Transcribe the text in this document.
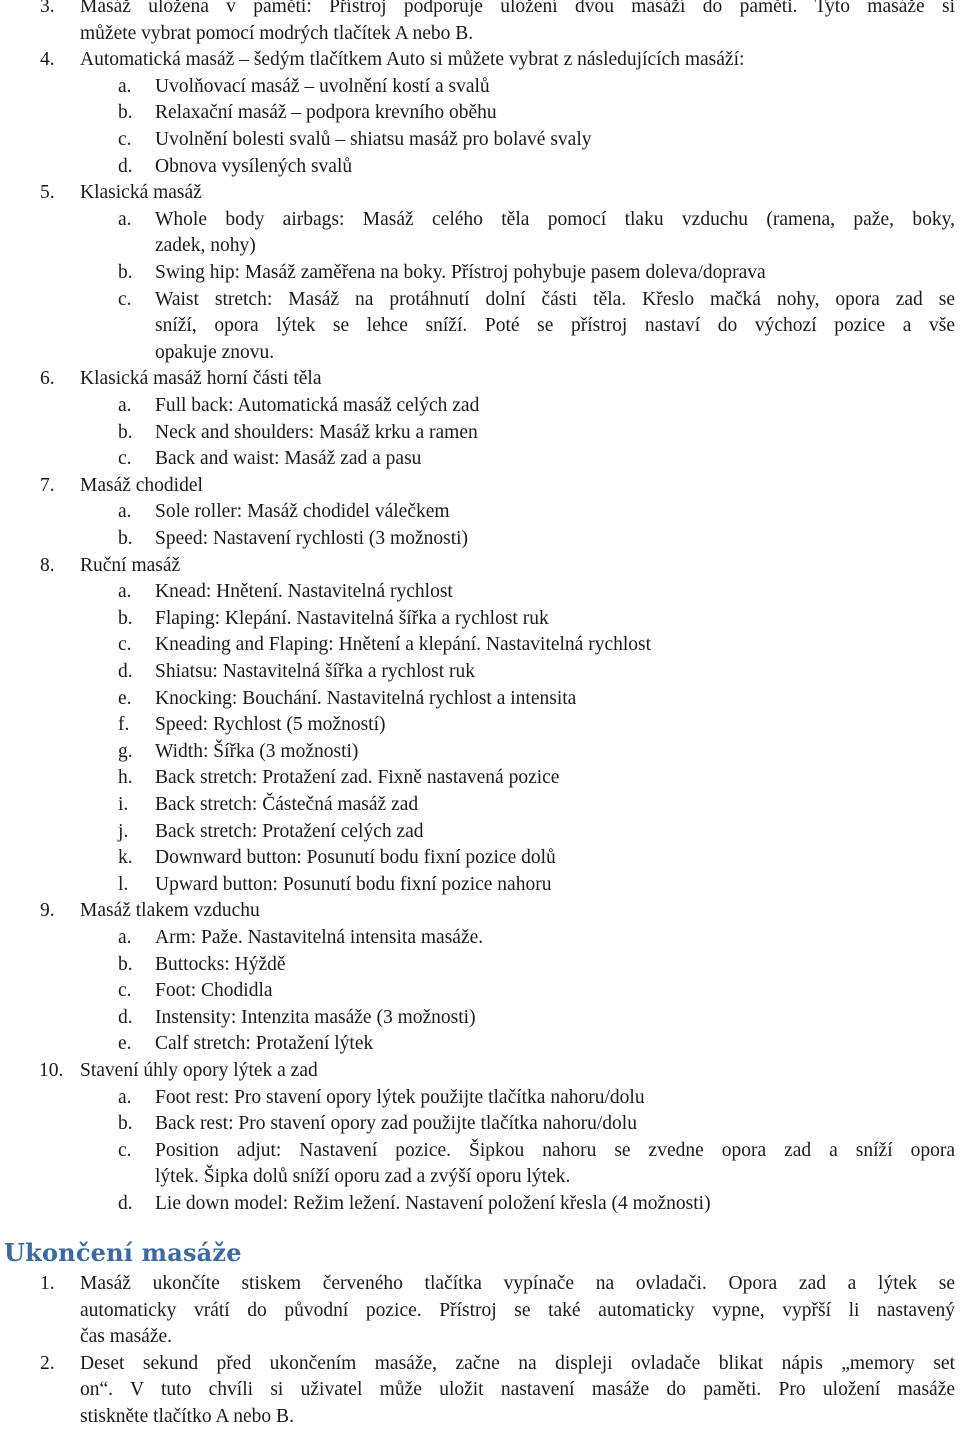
3. Masáž uložena v paměti: Přístroj podporuje uložení dvou masáží do paměti. Tyto masáže si
můžete vybrat pomocí modrých tlačítek A nebo B.
4. Automatická masáž – šedým tlačítkem Auto si můžete vybrat z následujících masáží:
a. Uvolňovací masáž – uvolnění kostí a svalů
b. Relaxační masáž – podpora krevního oběhu
c. Uvolnění bolesti svalů – shiatsu masáž pro bolavé svaly
d. Obnova vysílených svalů
5. Klasická masáž
a. Whole body airbags: Masáž celého těla pomocí tlaku vzduchu (ramena, paže, boky,
zadek, nohy)
b. Swing hip: Masáž zaměřena na boky. Přístroj pohybuje pasem doleva/doprava
c. Waist stretch: Masáž na protáhnutí dolní části těla. Křeslo mačká nohy, opora zad se
sníží, opora lýtek se lehce sníží. Poté se přístroj nastaví do výchozí pozice a vše
opakuje znovu.
6. Klasická masáž horní části těla
a. Full back: Automatická masáž celých zad
b. Neck and shoulders: Masáž krku a ramen
c. Back and waist: Masáž zad a pasu
7. Masáž chodidel
a. Sole roller: Masáž chodidel válečkem
b. Speed: Nastavení rychlosti (3 možnosti)
8. Ruční masáž
a. Knead: Hnětení. Nastavitelná rychlost
b. Flaping: Klepání. Nastavitelná šířka a rychlost ruk
c. Kneading and Flaping: Hnětení a klepání. Nastavitelná rychlost
d. Shiatsu: Nastavitelná šířka a rychlost ruk
e. Knocking: Bouchání. Nastavitelná rychlost a intensita
f. Speed: Rychlost (5 možností)
g. Width: Šířka (3 možnosti)
h. Back stretch: Protažení zad. Fixně nastavená pozice
i. Back stretch: Částečná masáž zad
j. Back stretch: Protažení celých zad
k. Downward button: Posunutí bodu fixní pozice dolů
l. Upward button: Posunutí bodu fixní pozice nahoru
9. Masáž tlakem vzduchu
a. Arm: Paže. Nastavitelná intensita masáže.
b. Buttocks: Hýždě
c. Foot: Chodidla
d. Instensity: Intenzita masáže (3 možnosti)
e. Calf stretch: Protažení lýtek
10. Stavení úhly opory lýtek a zad
a. Foot rest: Pro stavení opory lýtek použijte tlačítka nahoru/dolu
b. Back rest: Pro stavení opory zad použijte tlačítka nahoru/dolu
c. Position adjut: Nastavení pozice. Šipkou nahoru se zvedne opora zad a sníží opora
lýtek. Šipka dolů sníží oporu zad a zvýší oporu lýtek.
d. Lie down model: Režim ležení. Nastavení položení křesla (4 možnosti)
1. Masáž ukončíte stiskem červeného tlačítka vypínače na ovladači. Opora zad a lýtek se
automaticky vrátí do původní pozice. Přístroj se také automaticky vypne, vypřší li nastavený
čas masáže.
2. Deset sekund před ukončením masáže, začne na displeji ovladače blikat nápis „memory set
on“. V tuto chvíli si uživatel může uložit nastavení masáže do paměti. Pro uložení masáže
stiskněte tlačítko A nebo B.
Ukončení masáže
